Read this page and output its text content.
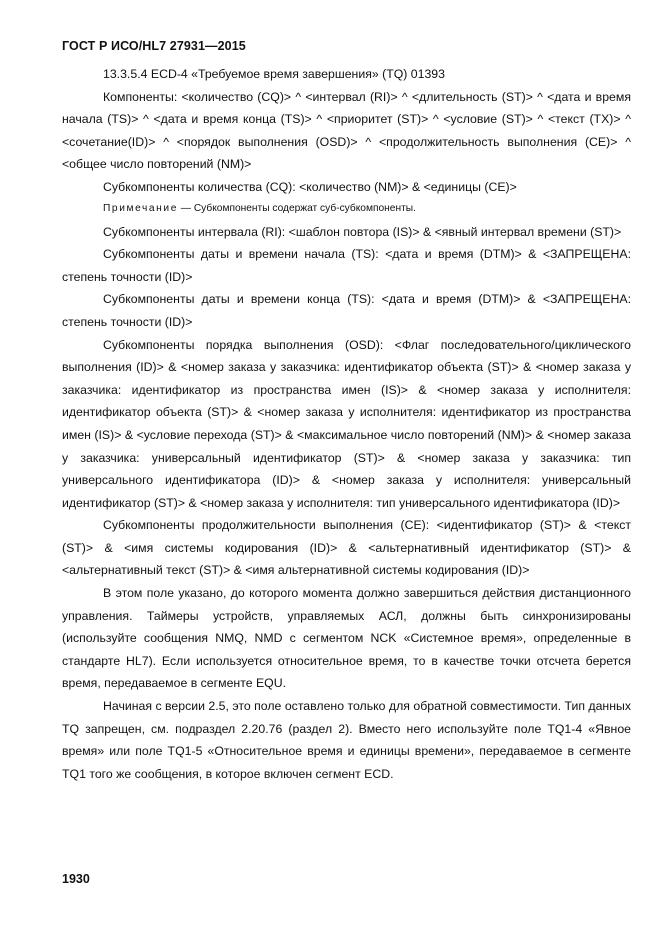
ГОСТ Р ИСО/HL7 27931—2015

13.3.5.4 ECD-4 «Требуемое время завершения» (TQ) 01393

Компоненты: <количество (CQ)> ^ <интервал (RI)> ^ <длительность (ST)> ^ <дата и время начала (TS)> ^ <дата и время конца (TS)> ^ <приоритет (ST)> ^ <условие (ST)> ^ <текст (TX)> ^ <сочетание(ID)> ^ <порядок выполнения (OSD)> ^ <продолжительность выполнения (CE)> ^ <общее число повторений (NM)>

Субкомпоненты количества (CQ): <количество (NM)> & <единицы (CE)>

Примечание — Субкомпоненты содержат суб-субкомпоненты.

Субкомпоненты интервала (RI): <шаблон повтора (IS)> & <явный интервал времени (ST)>

Субкомпоненты даты и времени начала (TS): <дата и время (DTM)> & <ЗАПРЕЩЕНА: степень точности (ID)>

Субкомпоненты даты и времени конца (TS): <дата и время (DTM)> & <ЗАПРЕЩЕНА: степень точности (ID)>

Субкомпоненты порядка выполнения (OSD): <Флаг последовательного/циклического выполнения (ID)> & <номер заказа у заказчика: идентификатор объекта (ST)> & <номер заказа у заказчика: идентификатор из пространства имен (IS)> & <номер заказа у исполнителя: идентификатор объекта (ST)> & <номер заказа у исполнителя: идентификатор из пространства имен (IS)> & <условие перехода (ST)> & <максимальное число повторений (NM)> & <номер заказа у заказчика: универсальный идентификатор (ST)> & <номер заказа у заказчика: тип универсального идентификатора (ID)> & <номер заказа у исполнителя: универсальный идентификатор (ST)> & <номер заказа у исполнителя: тип универсального идентификатора (ID)>

Субкомпоненты продолжительности выполнения (CE): <идентификатор (ST)> & <текст (ST)> & <имя системы кодирования (ID)> & <альтернативный идентификатор (ST)> & <альтернативный текст (ST)> & <имя альтернативной системы кодирования (ID)>

В этом поле указано, до которого момента должно завершиться действия дистанционного управления. Таймеры устройств, управляемых АСЛ, должны быть синхронизированы (используйте сообщения NMQ, NMD с сегментом NCK «Системное время», определенные в стандарте HL7). Если используется относительное время, то в качестве точки отсчета берется время, передаваемое в сегменте EQU.

Начиная с версии 2.5, это поле оставлено только для обратной совместимости. Тип данных TQ запрещен, см. подраздел 2.20.76 (раздел 2). Вместо него используйте поле TQ1-4 «Явное время» или поле TQ1-5 «Относительное время и единицы времени», передаваемое в сегменте TQ1 того же сообщения, в которое включен сегмент ECD.

1930
